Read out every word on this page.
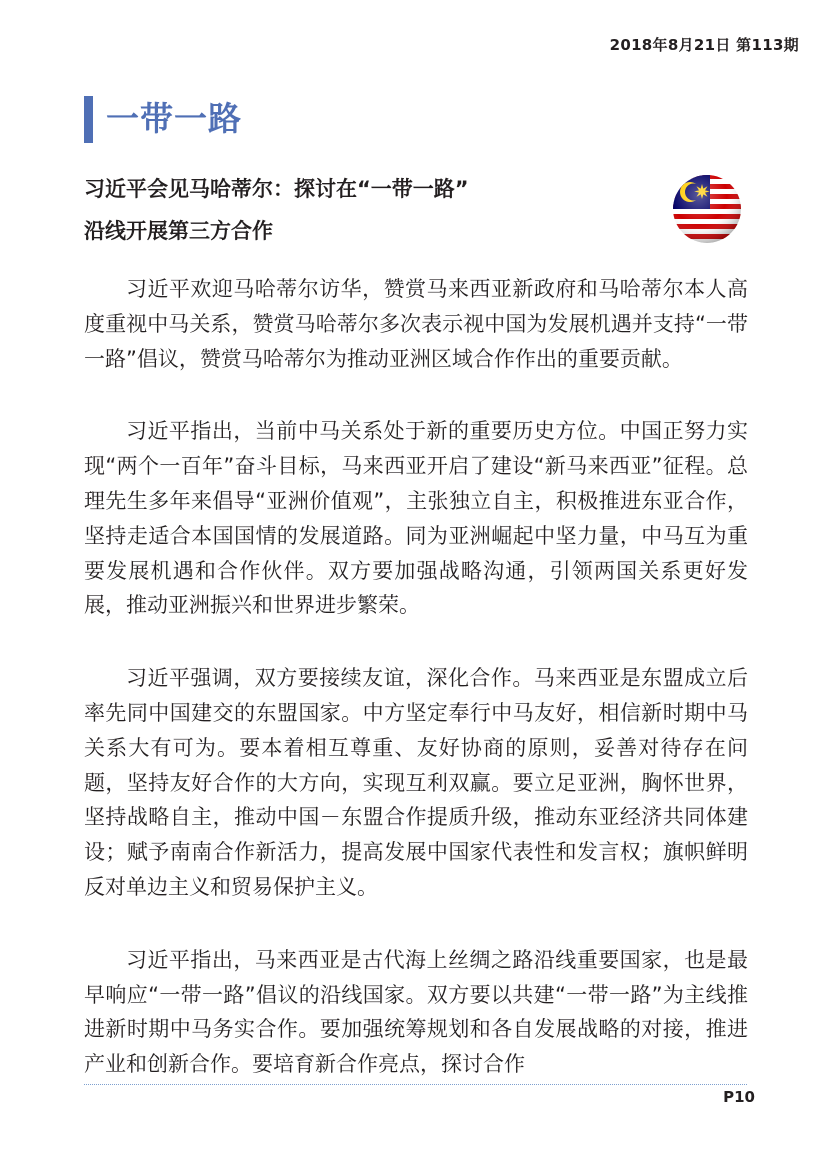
2018年8月21日 第113期
一带一路
习近平会见马哈蒂尔：探讨在“一带一路”
沿线开展第三方合作

习近平欢迎马哈蒂尔访华，赞赏马来西亚新政府和马哈蒂尔本人高度重视中马关系，赞赏马哈蒂尔多次表示视中国为发展机遇并支持“一带一路”倡议，赞赏马哈蒂尔为推动亚洲区域合作作出的重要贡献。

习近平指出，当前中马关系处于新的重要历史方位。中国正努力实现“两个一百年”奋斗目标，马来西亚开启了建设“新马来西亚”征程。总理先生多年来倡导“亚洲价值观”，主张独立自主，积极推进东亚合作，坚持走适合本国国情的发展道路。同为亚洲崛起中坚力量，中马互为重要发展机遇和合作伙伴。双方要加强战略沟通，引领两国关系更好发展，推动亚洲振兴和世界进步繁荣。

习近平强调，双方要接续友谊，深化合作。马来西亚是东盟成立后率先同中国建交的东盟国家。中方坚定奉行中马友好，相信新时期中马关系大有可为。要本着相互尊重、友好协商的原则，妥善对待存在问题，坚持友好合作的大方向，实现互利双赢。要立足亚洲，胸怀世界，坚持战略自主，推动中国－东盟合作提质升级，推动东亚经济共同体建设；赋予南南合作新活力，提高发展中国家代表性和发言权；旗帜鲜明反对单边主义和贸易保护主义。

习近平指出，马来西亚是古代海上丝绸之路沿线重要国家，也是最早响应“一带一路”倡议的沿线国家。双方要以共建“一带一路”为主线推进新时期中马务实合作。要加强统筹规划和各自发展战略的对接，推进产业和创新合作。要培育新合作亮点，探讨合作

P10
